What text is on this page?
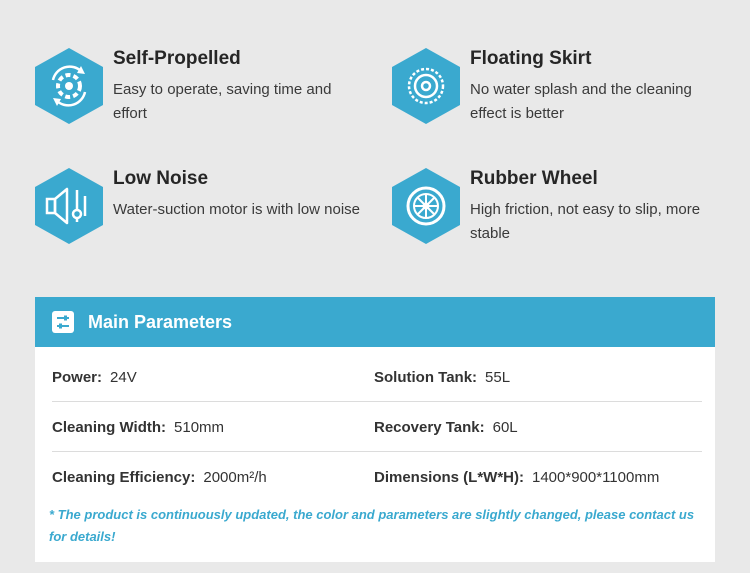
Self-Propelled
Easy to operate, saving time and effort
Floating Skirt
No water splash and the cleaning effect is better
Low Noise
Water-suction motor is with low noise
Rubber Wheel
High friction, not easy to slip, more stable
Main Parameters
Power: 24V	Solution Tank: 55L
Cleaning Width: 510mm	Recovery Tank: 60L
Cleaning Efficiency: 2000m²/h	Dimensions (L*W*H): 1400*900*1100mm
* The product is continuously updated, the color and parameters are slightly changed, please contact us for details!
